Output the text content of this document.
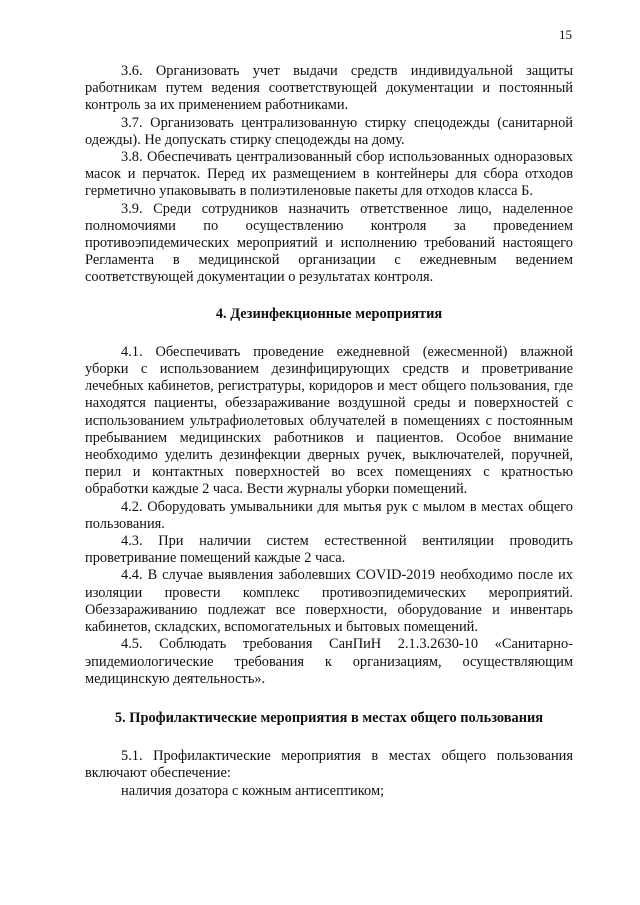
15

3.6. Организовать учет выдачи средств индивидуальной защиты работникам путем ведения соответствующей документации и постоянный контроль за их применением работниками.

3.7. Организовать централизованную стирку спецодежды (санитарной одежды). Не допускать стирку спецодежды на дому.

3.8. Обеспечивать централизованный сбор использованных одноразовых масок и перчаток. Перед их размещением в контейнеры для сбора отходов герметично упаковывать в полиэтиленовые пакеты для отходов класса Б.

3.9. Среди сотрудников назначить ответственное лицо, наделенное полномочиями по осуществлению контроля за проведением противоэпидемических мероприятий и исполнению требований настоящего Регламента в медицинской организации с ежедневным ведением соответствующей документации о результатах контроля.

4. Дезинфекционные мероприятия

4.1. Обеспечивать проведение ежедневной (ежесменной) влажной уборки с использованием дезинфицирующих средств и проветривание лечебных кабинетов, регистратуры, коридоров и мест общего пользования, где находятся пациенты, обеззараживание воздушной среды и поверхностей с использованием ультрафиолетовых облучателей в помещениях с постоянным пребыванием медицинских работников и пациентов. Особое внимание необходимо уделить дезинфекции дверных ручек, выключателей, поручней, перил и контактных поверхностей во всех помещениях с кратностью обработки каждые 2 часа. Вести журналы уборки помещений.

4.2. Оборудовать умывальники для мытья рук с мылом в местах общего пользования.

4.3. При наличии систем естественной вентиляции проводить проветривание помещений каждые 2 часа.

4.4. В случае выявления заболевших COVID-2019 необходимо после их изоляции провести комплекс противоэпидемических мероприятий. Обеззараживанию подлежат все поверхности, оборудование и инвентарь кабинетов, складских, вспомогательных и бытовых помещений.

4.5. Соблюдать требования СанПиН 2.1.3.2630-10 «Санитарно-эпидемиологические требования к организациям, осуществляющим медицинскую деятельность».

5. Профилактические мероприятия в местах общего пользования

5.1. Профилактические мероприятия в местах общего пользования включают обеспечение:

наличия дозатора с кожным антисептиком;
